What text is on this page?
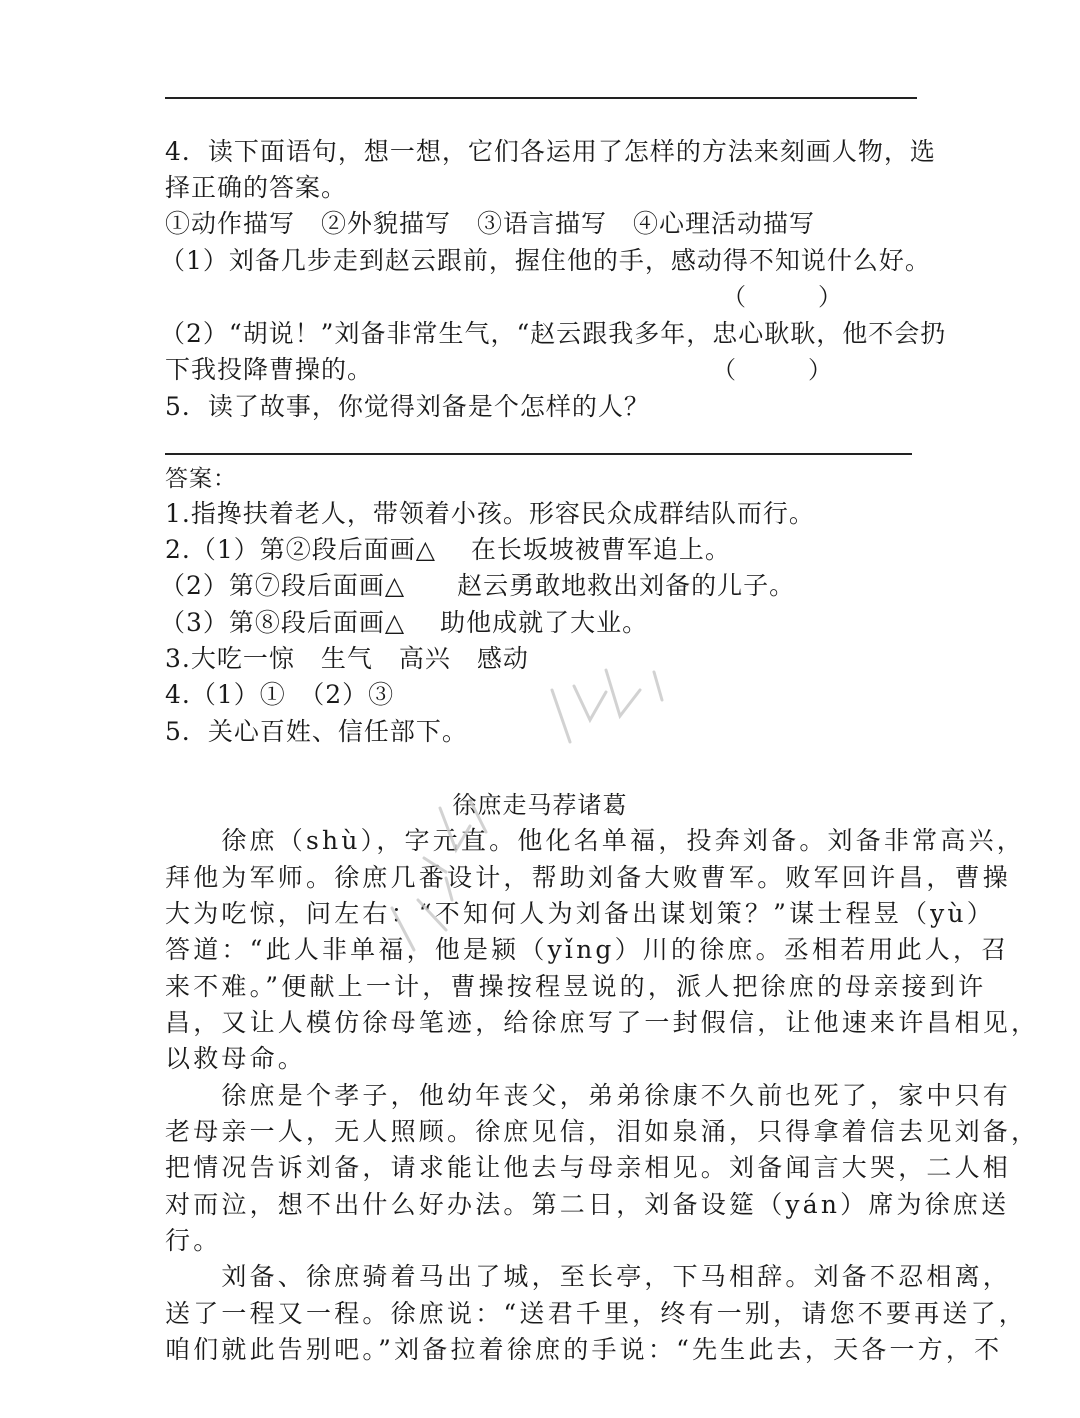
4．读下面语句，想一想，它们各运用了怎样的方法来刻画人物，选
择正确的答案。
①动作描写　②外貌描写　③语言描写　④心理活动描写
（1）刘备几步走到赵云跟前，握住他的手，感动得不知说什么好。
（　　　）
（2）“胡说！”刘备非常生气，“赵云跟我多年，忠心耿耿，他不会扔
下我投降曹操的。	（　　　）
5．读了故事，你觉得刘备是个怎样的人？
答案：
1.指搀扶着老人，带领着小孩。形容民众成群结队而行。
2.（1）第②段后面画△　 在长坂坡被曹军追上。
（2）第⑦段后面画△　　赵云勇敢地救出刘备的儿子。
（3）第⑧段后面画△　 助他成就了大业。
3.大吃一惊　生气　高兴　感动
4.（1）①　（2）③
5．关心百姓、信任部下。
徐庶走马荐诸葛
　　徐庶（shù），字元直。他化名单福，投奔刘备。刘备非常高兴，
拜他为军师。徐庶几番设计，帮助刘备大败曹军。败军回许昌，曹操
大为吃惊，问左右：“不知何人为刘备出谋划策？”谋士程昱（yù）
答道：“此人非单福，他是颍（yǐng）川的徐庶。丞相若用此人，召
来不难。”便献上一计，曹操按程昱说的，派人把徐庶的母亲接到许
昌，又让人模仿徐母笔迹，给徐庶写了一封假信，让他速来许昌相见，
以救母命。
　　徐庶是个孝子，他幼年丧父，弟弟徐康不久前也死了，家中只有
老母亲一人，无人照顾。徐庶见信，泪如泉涌，只得拿着信去见刘备，
把情况告诉刘备，请求能让他去与母亲相见。刘备闻言大哭，二人相
对而泣，想不出什么好办法。第二日，刘备设筵（yán）席为徐庶送
行。
　　刘备、徐庶骑着马出了城，至长亭，下马相辞。刘备不忍相离，
送了一程又一程。徐庶说：“送君千里，终有一别，请您不要再送了，
咱们就此告别吧。”刘备拉着徐庶的手说：“先生此去，天各一方，不
